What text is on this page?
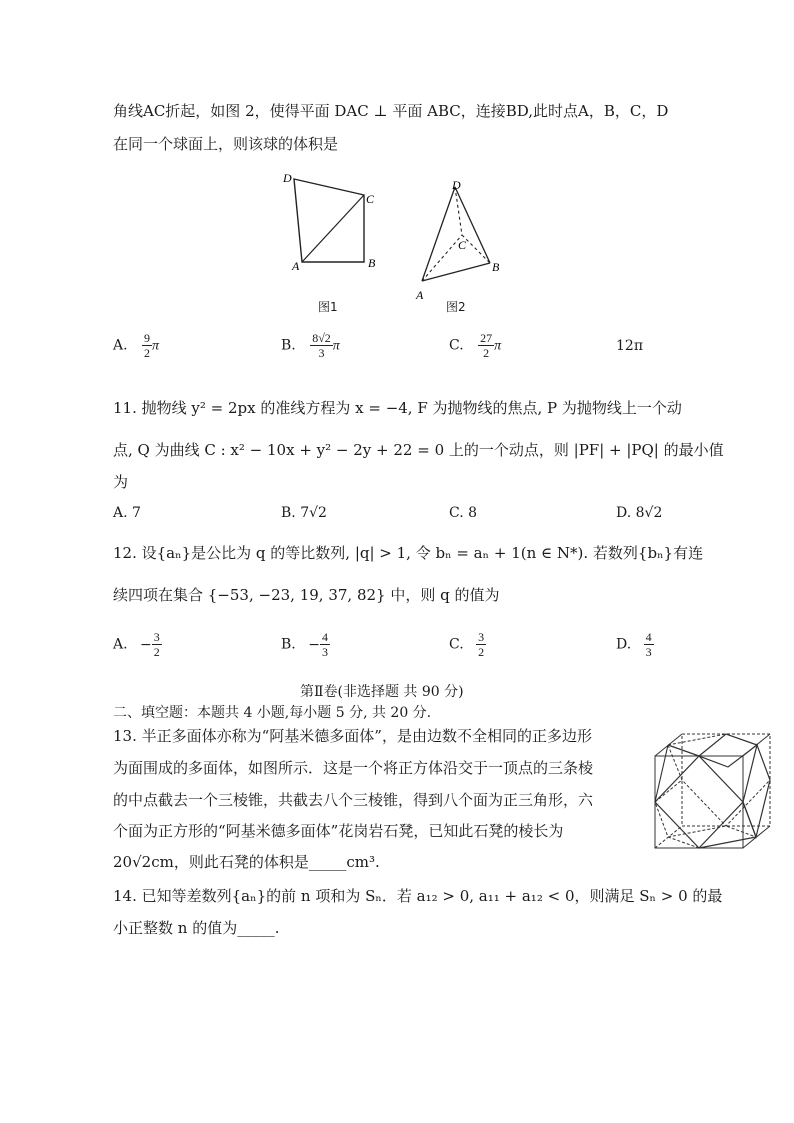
角线AC折起，如图 2，使得平面 DAC ⊥ 平面 ABC，连接BD,此时点A，B，C，D
在同一个球面上，则该球的体积是
D
C
A	B
图1
D
C
A
B
图2
A. $\frac{9}{2}$ π	B. $\frac{8√2}{3}$ π	C. $\frac{27}{2}$ π	12π
11. 抛物线 y² = 2px 的准线方程为 x = −4, F 为抛物线的焦点, P 为抛物线上一个动
点, Q 为曲线 C : x² − 10x + y² − 2y + 22 = 0 上的一个动点，则 |PF| + |PQ| 的最小值
为
A. 7	B. 7√2	C. 8	D. 8√2
12. 设{aₙ}是公比为 q 的等比数列, |q| > 1, 令 bₙ = aₙ + 1(n ∈ N*). 若数列{bₙ}有连
续四项在集合 {−53, −23, 19, 37, 82} 中，则 q 的值为
A. − $\frac{3}{2}$	B. − $\frac{4}{3}$	C. $\frac{3}{2}$	D. $\frac{4}{3}$
第Ⅱ卷(非选择题 共 90 分)
二、填空题：本题共 4 小题,每小题 5 分, 共 20 分.
13. 半正多面体亦称为“阿基米德多面体”，是由边数不全相同的正多边形
为面围成的多面体，如图所示．这是一个将正方体沿交于一顶点的三条棱
的中点截去一个三棱锥，共截去八个三棱锥，得到八个面为正三角形，六
个面为正方形的“阿基米德多面体”花岗岩石凳，已知此石凳的棱长为
20√2cm，则此石凳的体积是_____cm³.
14. 已知等差数列{aₙ}的前 n 项和为 Sₙ．若 a₁₂ > 0, a₁₁ + a₁₂ < 0，则满足 Sₙ > 0 的最
小正整数 n 的值为_____.
